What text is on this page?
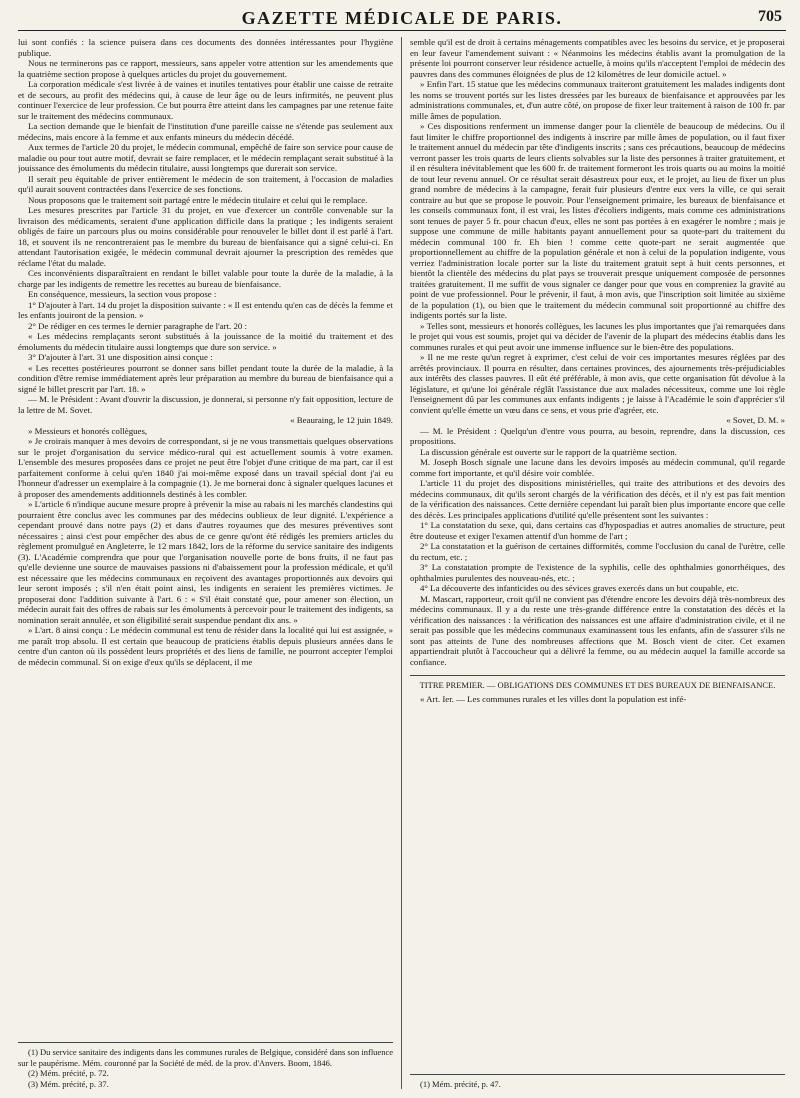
GAZETTE MÉDICALE DE PARIS.	705

lui sont confiés : la science puisera dans ces documents des données intéressantes pour l'hygiène publique.

Nous ne terminerons pas ce rapport, messieurs, sans appeler votre attention sur les amendements que la quatrième section propose à quelques articles du projet du gouvernement.

La corporation médicale s'est livrée à de vaines et inutiles tentatives pour établir une caisse de retraite et de secours, au profit des médecins qui, à cause de leur âge ou de leurs infirmités, ne peuvent plus continuer l'exercice de leur profession. Ce but pourra être atteint dans les campagnes par une retenue faite sur le traitement des médecins communaux.

La section demande que le bienfait de l'institution d'une pareille caisse ne s'étende pas seulement aux médecins, mais encore à la femme et aux enfants mineurs du médecin décédé.

Aux termes de l'article 20 du projet, le médecin communal, empêché de faire son service pour cause de maladie ou pour tout autre motif, devrait se faire remplacer, et le médecin remplaçant serait substitué à la jouissance des émoluments du médecin titulaire, aussi longtemps que durerait son service.

Il serait peu équitable de priver entièrement le médecin de son traitement, à l'occasion de maladies qu'il aurait souvent contractées dans l'exercice de ses fonctions.

Nous proposons que le traitement soit partagé entre le médecin titulaire et celui qui le remplace.

Les mesures prescrites par l'article 31 du projet, en vue d'exercer un contrôle convenable sur la livraison des médicaments, seraient d'une application difficile dans la pratique ; les indigents seraient obligés de faire un parcours plus ou moins considérable pour renouveler le billet dont il est parlé à l'art. 18, et souvent ils ne rencontreraient pas le membre du bureau de bienfaisance qui a signé celui-ci. En attendant l'autorisation exigée, le médecin communal devrait ajourner la prescription des remèdes que réclame l'état du malade.

Ces inconvénients disparaîtraient en rendant le billet valable pour toute la durée de la maladie, à la charge par les indigents de remettre les recettes au bureau de bienfaisance.

En conséquence, messieurs, la section vous propose :

1° D'ajouter à l'art. 14 du projet la disposition suivante : « Il est entendu qu'en cas de décès la femme et les enfants jouiront de la pension. »

2° De rédiger en ces termes le dernier paragraphe de l'art. 20 :

« Les médecins remplaçants seront substitués à la jouissance de la moitié du traitement et des émoluments du médecin titulaire aussi longtemps que dure son service. »

3° D'ajouter à l'art. 31 une disposition ainsi conçue :

« Les recettes postérieures pourront se donner sans billet pendant toute la durée de la maladie, à la condition d'être remise immédiatement après leur préparation au membre du bureau de bienfaisance qui a signé le billet prescrit par l'art. 18. »

— M. le Président : Avant d'ouvrir la discussion, je donnerai, si personne n'y fait opposition, lecture de la lettre de M. Sovet.

« Beauraing, le 12 juin 1849.

» Messieurs et honorés collègues,

» Je croirais manquer à mes devoirs de correspondant, si je ne vous transmettais quelques observations sur le projet d'organisation du service médico-rural qui est actuellement soumis à votre examen. L'ensemble des mesures proposées dans ce projet ne peut être l'objet d'une critique de ma part, car il est parfaitement conforme à celui qu'en 1840 j'ai moi-même exposé dans un travail spécial dont j'ai eu l'honneur d'adresser un exemplaire à la compagnie (1). Je me bornerai donc à signaler quelques lacunes et à proposer des amendements additionnels destinés à les combler.

» L'article 6 n'indique aucune mesure propre à prévenir la mise au rabais ni les marchés clandestins qui pourraient être conclus avec les communes par des médecins oublieux de leur dignité. L'expérience a cependant prouvé dans notre pays (2) et dans d'autres royaumes que des mesures préventives sont nécessaires ; ainsi c'est pour empêcher des abus de ce genre qu'ont été rédigés les premiers articles du règlement promulgué en Angleterre, le 12 mars 1842, lors de la réforme du service sanitaire des indigents (3). L'Académie comprendra que pour que l'organisation nouvelle porte de bons fruits, il ne faut pas qu'elle devienne une source de mauvaises passions ni d'abaissement pour la profession médicale, et qu'il est nécessaire que les médecins communaux en reçoivent des avantages proportionnés aux devoirs qui leur seront imposés ; s'il n'en était point ainsi, les indigents en seraient les premières victimes. Je proposerai donc l'addition suivante à l'art. 6 : « S'il était constaté que, pour amener son élection, un médecin aurait fait des offres de rabais sur les émoluments à percevoir pour le traitement des indigents, sa nomination serait annulée, et son éligibilité serait suspendue pendant dix ans. »

» L'art. 8 ainsi conçu : Le médecin communal est tenu de résider dans la localité qui lui est assignée, » me paraît trop absolu. Il est certain que beaucoup de praticiens établis depuis plusieurs années dans le centre d'un canton où ils possèdent leurs propriétés et des liens de famille, ne pourront accepter l'emploi de médecin communal. Si on exige d'eux qu'ils se déplacent, il me

(1) Du service sanitaire des indigents dans les communes rurales de Belgique, considéré dans son influence sur le paupérisme. Mém. couronné par la Société de méd. de la prov. d'Anvers. Boom, 1846.

(2) Mém. précité, p. 72.

(3) Mém. précité, p. 37.

semble qu'il est de droit à certains ménagements compatibles avec les besoins du service, et je proposerai en leur faveur l'amendement suivant : « Néanmoins les médecins établis avant la promulgation de la présente loi pourront conserver leur résidence actuelle, à moins qu'ils n'acceptent l'emploi de médecin des pauvres dans des communes éloignées de plus de 12 kilomètres de leur domicile actuel. »

» Enfin l'art. 15 statue que les médecins communaux traiteront gratuitement les malades indigents dont les noms se trouvent portés sur les listes dressées par les bureaux de bienfaisance et approuvées par les administrations communales, et, d'un autre côté, on propose de fixer leur traitement à raison de 100 fr. par mille âmes de population.

» Ces dispositions renferment un immense danger pour la clientèle de beaucoup de médecins. Ou il faut limiter le chiffre proportionnel des indigents à inscrire par mille âmes de population, ou il faut fixer le traitement annuel du médecin par tête d'indigents inscrits ; sans ces précautions, beaucoup de médecins verront passer les trois quarts de leurs clients solvables sur la liste des personnes à traiter gratuitement, et il en résultera inévitablement que les 600 fr. de traitement formeront les trois quarts ou au moins la moitié de tout leur revenu annuel. Or ce résultat serait désastreux pour eux, et le projet, au lieu de fixer un plus grand nombre de médecins à la campagne, ferait fuir plusieurs d'entre eux vers la ville, ce qui serait contraire au but que se propose le pouvoir. Pour l'enseignement primaire, les bureaux de bienfaisance et les conseils communaux font, il est vrai, les listes d'écoliers indigents, mais comme ces administrations sont tenues de payer 5 fr. pour chacun d'eux, elles ne sont pas portées à en exagérer le nombre ; mais je suppose une commune de mille habitants payant annuellement pour sa quote-part du traitement du médecin communal 100 fr. Eh bien ! comme cette quote-part ne serait augmentée que proportionnellement au chiffre de la population générale et non à celui de la population indigente, vous verriez l'administration locale porter sur la liste du traitement gratuit sept à huit cents personnes, et bientôt la clientèle des médecins du plat pays se trouverait presque uniquement composée de personnes traitées gratuitement. Il me suffit de vous signaler ce danger pour que vous en compreniez la gravité au point de vue professionnel. Pour le prévenir, il faut, à mon avis, que l'inscription soit limitée au sixième de la population (1), ou bien que le traitement du médecin communal soit proportionné au chiffre des indigents portés sur la liste.

» Telles sont, messieurs et honorés collègues, les lacunes les plus importantes que j'ai remarquées dans le projet qui vous est soumis, projet qui va décider de l'avenir de la plupart des médecins établis dans les communes rurales et qui peut avoir une immense influence sur le bien-être des populations.

» Il ne me reste qu'un regret à exprimer, c'est celui de voir ces importantes mesures réglées par des arrêtés provinciaux. Il pourra en résulter, dans certaines provinces, des ajournements très-préjudiciables aux intérêts des classes pauvres. Il eût été préférable, à mon avis, que cette organisation fût dévolue à la législature, et qu'une loi générale réglât l'assistance due aux malades nécessiteux, comme une loi règle l'enseignement dû par les communes aux enfants indigents ; je laisse à l'Académie le soin d'apprécier s'il convient qu'elle émette un vœu dans ce sens, et vous prie d'agréer, etc.

« Sovet, D. M. »

— M. le Président : Quelqu'un d'entre vous pourra, au besoin, reprendre, dans la discussion, ces propositions.

La discussion générale est ouverte sur le rapport de la quatrième section.

M. Joseph Bosch signale une lacune dans les devoirs imposés au médecin communal, qu'il regarde comme fort importante, et qu'il désire voir comblée.

L'article 11 du projet des dispositions ministérielles, qui traite des attributions et des devoirs des médecins communaux, dit qu'ils seront chargés de la vérification des décès, et il n'y est pas fait mention de la vérification des naissances. Cette dernière cependant lui paraît bien plus importante encore que celle des décès. Les principales applications d'utilité qu'elle présentent sont les suivantes :

1° La constatation du sexe, qui, dans certains cas d'hypospadias et autres anomalies de structure, peut être douteuse et exiger l'examen attentif d'un homme de l'art ;

2° La constatation et la guérison de certaines difformités, comme l'occlusion du canal de l'urètre, celle du rectum, etc. ;

3° La constatation prompte de l'existence de la syphilis, celle des ophthalmies gonorrhéiques, des ophthalmies purulentes des nouveau-nés, etc. ;

4° La découverte des infanticides ou des sévices graves exercés dans un but coupable, etc.

M. Mascart, rapporteur, croit qu'il ne convient pas d'étendre encore les devoirs déjà très-nombreux des médecins communaux. Il y a du reste une très-grande différence entre la constatation des décès et la vérification des naissances : la vérification des naissances est une affaire d'administration civile, et il ne serait pas possible que les médecins communaux examinassent tous les enfants, afin de s'assurer s'ils ne sont pas atteints de l'une des nombreuses affections que M. Bosch vient de citer. Cet examen appartiendrait plutôt à l'accoucheur qui a délivré la femme, ou au médecin auquel la famille accorde sa confiance.

TITRE PREMIER. — OBLIGATIONS DES COMMUNES ET DES BUREAUX DE BIENFAISANCE.

« Art. Ier. — Les communes rurales et les villes dont la population est infé-

(1) Mém. précité, p. 47.
